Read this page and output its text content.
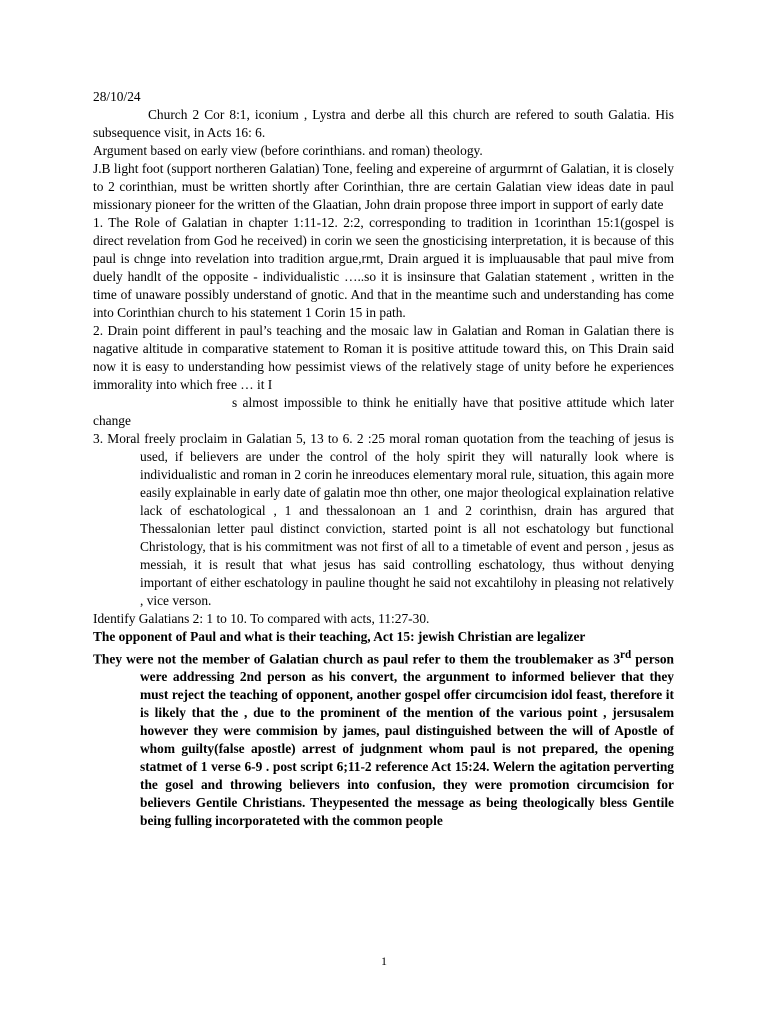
28/10/24

Church 2 Cor 8:1, iconium , Lystra and derbe all this church are refered to south Galatia. His subsequence visit, in Acts 16: 6.

Argument based on early view (before corinthians. and roman) theology.

J.B light foot (support northeren Galatian) Tone, feeling and expereine of argurmrnt of Galatian, it is closely to 2 corinthian, must be written shortly after Corinthian, thre are certain Galatian view ideas date in paul missionary pioneer for the written of the Glaatian, John drain propose three import in support of early date

1. The Role of Galatian in chapter 1:11-12. 2:2, corresponding to tradition in 1corinthan 15:1(gospel is direct revelation from God he received) in corin we seen the gnosticising interpretation, it is because of this paul is chnge into revelation into tradition argue,rmt, Drain argued it is impluausable that paul mive from duely handlt of the opposite - individualistic …..so it is insinsure that Galatian statement , written in the time of unaware possibly understand of gnotic. And that in the meantime such and understanding has come into Corinthian church to his statement 1 Corin 15 in path.

2. Drain point different in paul’s teaching and the mosaic law in Galatian and Roman in Galatian there is nagative altitude in comparative statement to Roman it is positive attitude toward this, on This Drain said now it is easy to understanding how pessimist views of the relatively stage of unity before he experiences immorality into which free … it I

s almost impossible to think he enitially have that positive attitude which later change

3. Moral freely proclaim in Galatian 5, 13 to 6. 2 :25 moral roman quotation from the teaching of jesus is used, if believers are under the control of the holy spirit they will naturally look where is individualistic and roman in 2 corin he inreoduces elementary moral rule, situation, this again more easily explainable in early date of galatin moe thn other, one major theological explaination relative lack of eschatological , 1 and thessalonoan an 1 and 2 corinthisn, drain has argured that Thessalonian letter paul distinct conviction, started point is all not eschatology but functional Christology, that is his commitment was not first of all to a timetable of event and person , jesus as messiah, it is result that what jesus has said controlling eschatology, thus without denying important of either eschatology in pauline thought he said not excahtilohy in pleasing not relatively , vice verson.

Identify Galatians 2: 1 to 10. To compared with acts, 11:27-30.

The opponent of Paul and what is their teaching, Act 15: jewish Christian are legalizer

They were not the member of Galatian church as paul refer to them the troublemaker as 3rd person were addressing 2nd person as his convert, the argunment to informed believer that they must reject the teaching of opponent, another gospel offer circumcision idol feast, therefore it is likely that the , due to the prominent of the mention of the various point , jersusalem however they were commision by james, paul distinguished between the will of Apostle of whom guilty(false apostle) arrest of judgnment whom paul is not prepared, the opening statmet of 1 verse 6-9 . post script 6;11-2 reference Act 15:24. Welern the agitation perverting the gosel and throwing believers into confusion, they were promotion circumcision for believers Gentile Christians. Theypesented the message as being theologically bless Gentile being fulling incorporateted with the common people

1
